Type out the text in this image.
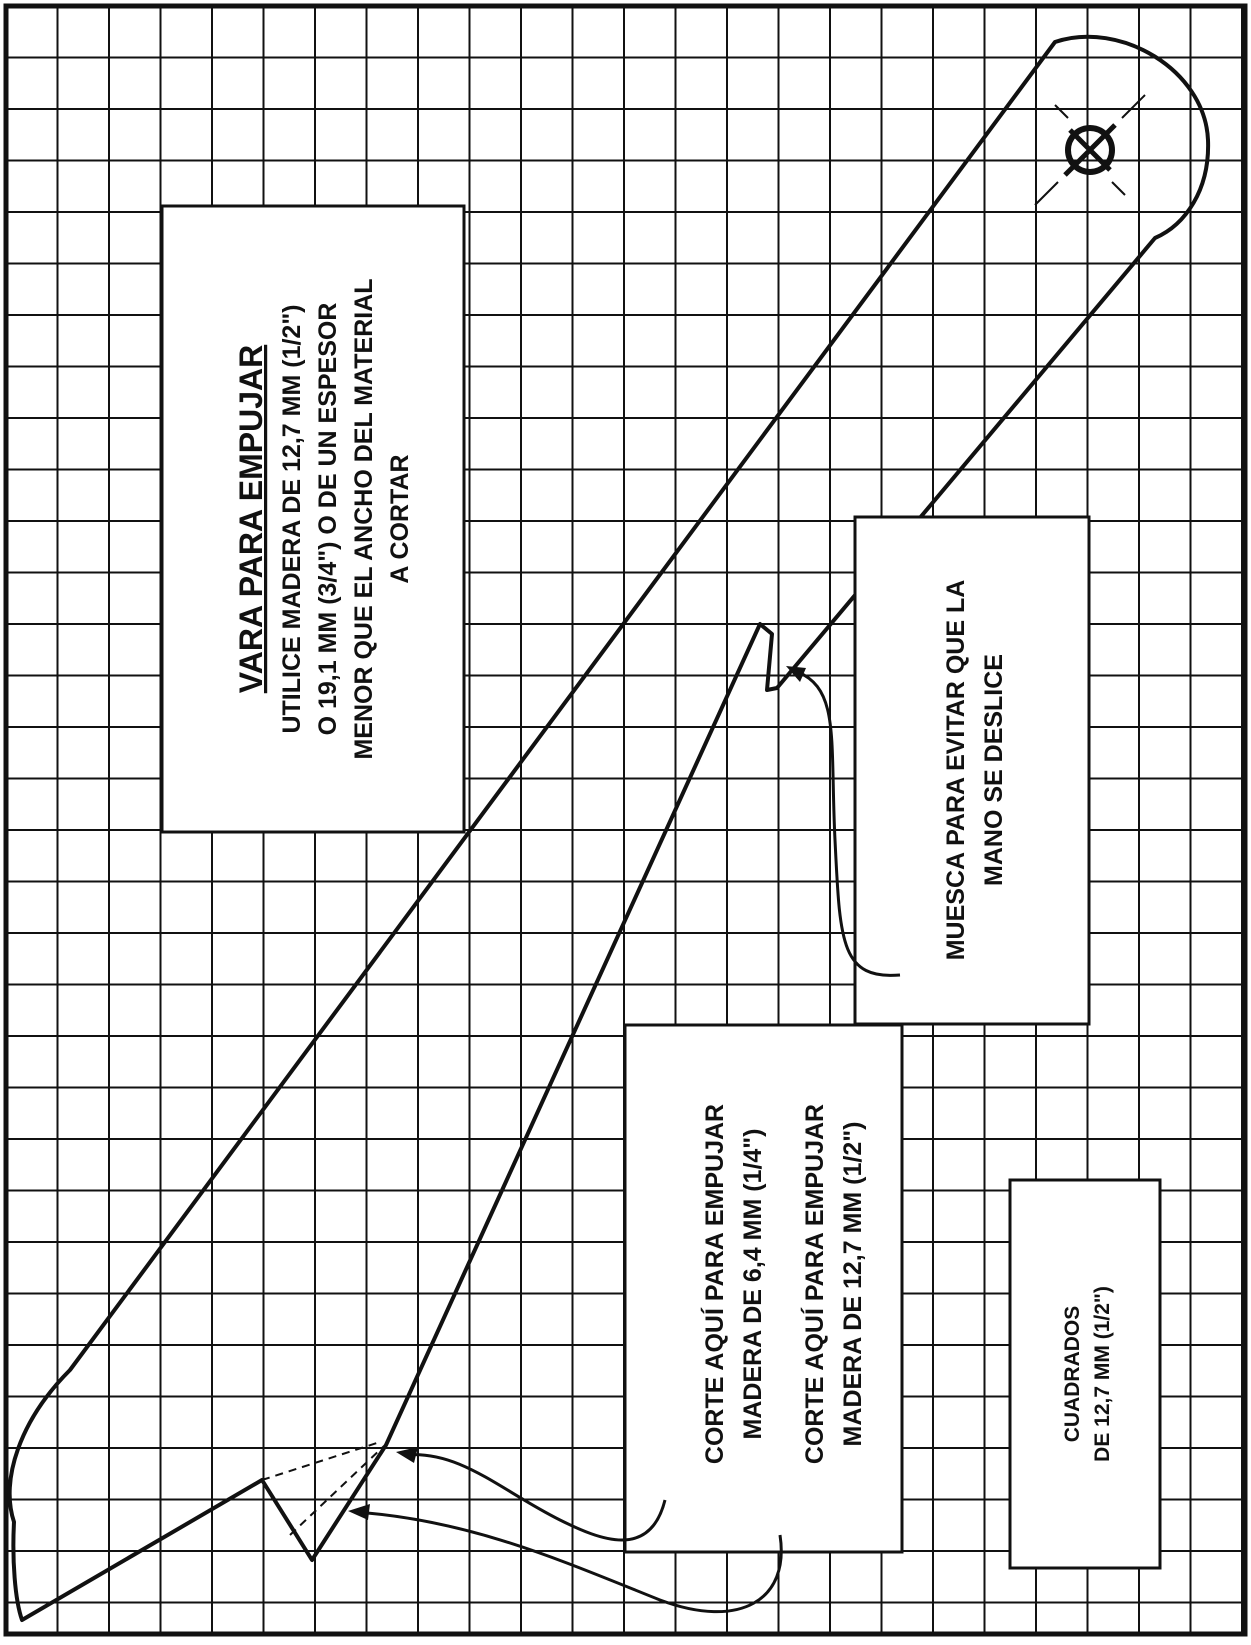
VARA PARA EMPUJAR UTILICE MADERA DE 12,7 MM (1/2") O 19,1 MM (3/4") O DE UN ESPESOR MENOR QUE EL ANCHO DEL MATERIAL A CORTAR
MUESCA PARA EVITAR QUE LA MANO SE DESLICE
CORTE AQUÍ PARA EMPUJAR MADERA DE 6,4 MM (1/4") CORTE AQUÍ PARA EMPUJAR MADERA DE 12,7 MM (1/2")	CUADRADOS DE 12,7 MM (1/2")
